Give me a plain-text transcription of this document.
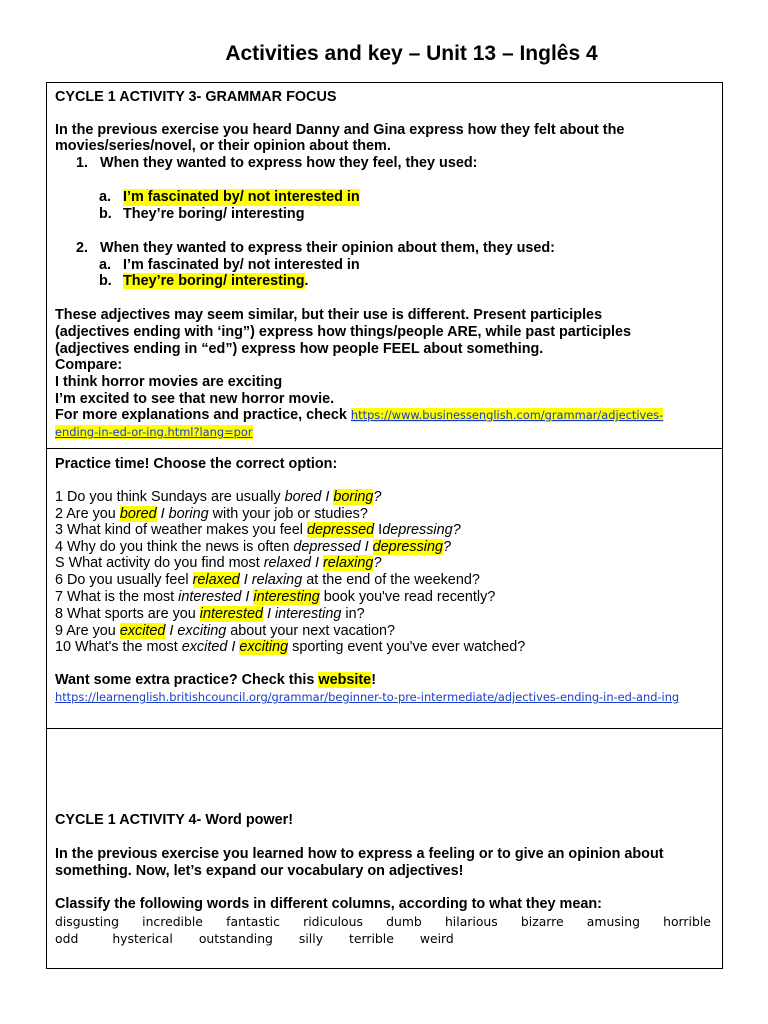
Activities and key – Unit 13 – Inglês 4
CYCLE 1 ACTIVITY 3- GRAMMAR FOCUS
In the previous exercise you heard Danny and Gina express how they felt about the
movies/series/novel, or their opinion about them.
1. When they wanted to express how they feel, they used:
a. I’m fascinated by/ not interested in
b. They’re boring/ interesting
2. When they wanted to express their opinion about them, they used:
a. I’m fascinated by/ not interested in
b. They’re boring/ interesting.
These adjectives may seem similar, but their use is different. Present participles
(adjectives ending with ‘ing”) express how things/people ARE, while past participles
(adjectives ending in “ed”) express how people FEEL about something.
Compare:
I think horror movies are exciting
I’m excited to see that new horror movie.
For more explanations and practice, check https://www.businessenglish.com/grammar/adjectives-
ending-in-ed-or-ing.html?lang=por
Practice time! Choose the correct option:
1 Do you think Sundays are usually bored I boring?
2 Are you bored I boring with your job or studies?
3 What kind of weather makes you feel depressed Idepressing?
4 Why do you think the news is often depressed I depressing?
S What activity do you find most relaxed I relaxing?
6 Do you usually feel relaxed I relaxing at the end of the weekend?
7 What is the most interested I interesting book you've read recently?
8 What sports are you interested I interesting in?
9 Are you excited I exciting about your next vacation?
10 What's the most excited I exciting sporting event you've ever watched?
Want some extra practice? Check this website!
https://learnenglish.britishcouncil.org/grammar/beginner-to-pre-intermediate/adjectives-ending-in-ed-and-ing
CYCLE 1 ACTIVITY 4- Word power!
In the previous exercise you learned how to express a feeling or to give an opinion about
something. Now, let’s expand our vocabulary on adjectives!
Classify the following words in different columns, according to what they mean:
disgusting incredible fantastic ridiculous dumb hilarious bizarre amusing horrible
odd	hysterical outstanding silly terrible weird
